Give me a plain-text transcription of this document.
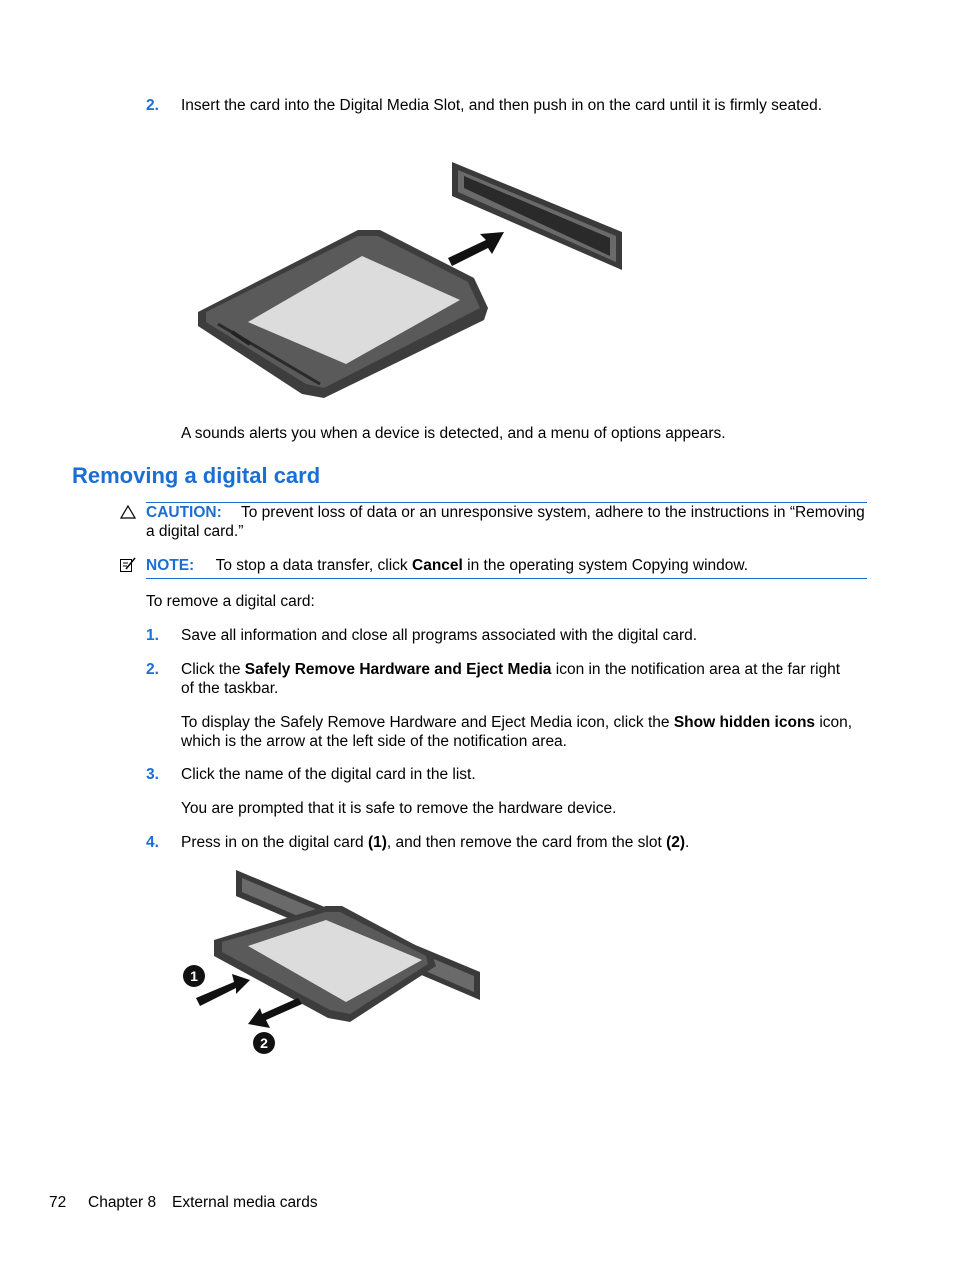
2. Insert the card into the Digital Media Slot, and then push in on the card until it is firmly seated.
A sounds alerts you when a device is detected, and a menu of options appears.
Removing a digital card
CAUTION: To prevent loss of data or an unresponsive system, adhere to the instructions in “Removing
a digital card.”
NOTE: To stop a data transfer, click Cancel in the operating system Copying window.
To remove a digital card:
1. Save all information and close all programs associated with the digital card.
2. Click the Safely Remove Hardware and Eject Media icon in the notification area at the far right
of the taskbar.
To display the Safely Remove Hardware and Eject Media icon, click the Show hidden icons icon,
which is the arrow at the left side of the notification area.
3. Click the name of the digital card in the list.
You are prompted that it is safe to remove the hardware device.
4. Press in on the digital card (1), and then remove the card from the slot (2).
1
2
72 Chapter 8 External media cards
